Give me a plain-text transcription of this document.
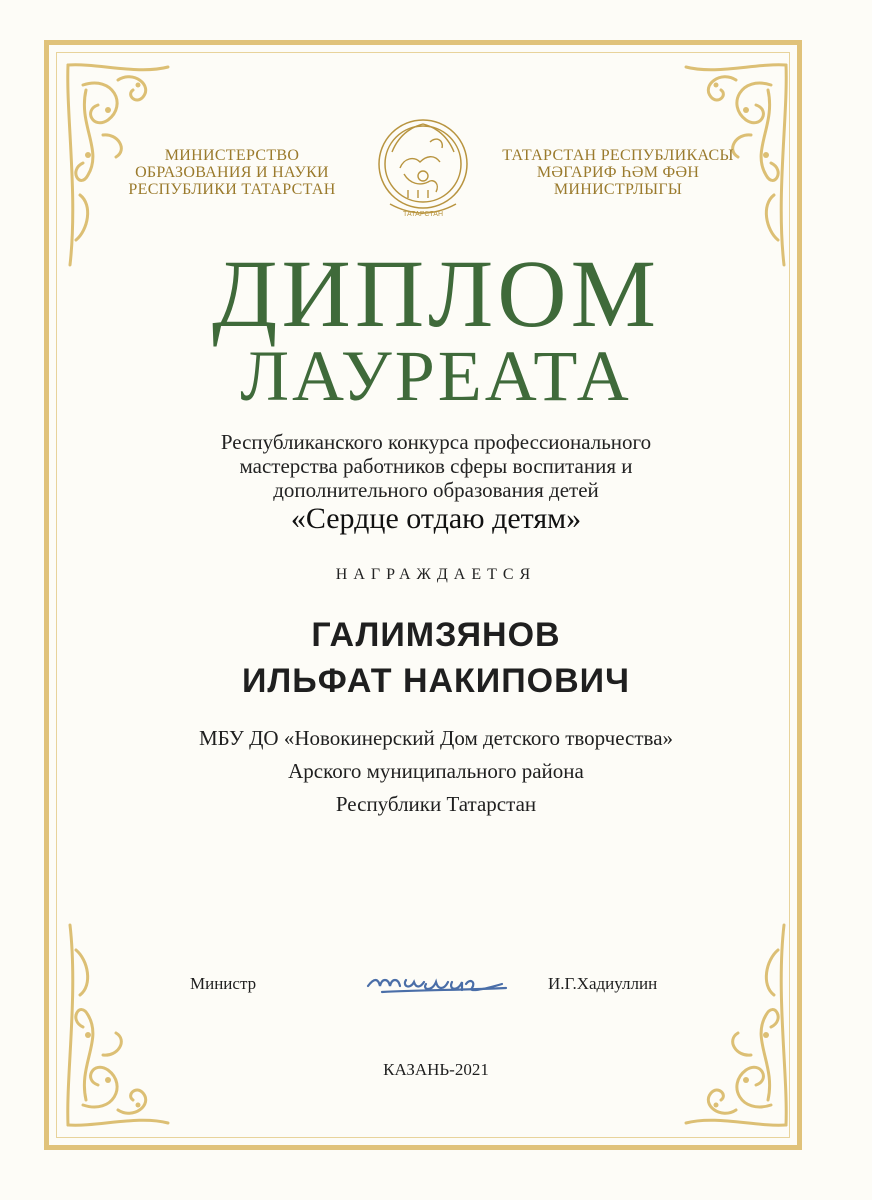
МИНИСТЕРСТВО
ОБРАЗОВАНИЯ И НАУКИ
РЕСПУБЛИКИ ТАТАРСТАН
ТАТАРСТАН
ТАТАРСТАН РЕСПУБЛИКАСЫ
МӘГАРИФ ҺӘМ ФӘН
МИНИСТРЛЫГЫ
ДИПЛОМ
ЛАУРЕАТА
Республиканского конкурса профессионального
мастерства работников сферы воспитания и
дополнительного образования детей
«Сердце отдаю детям»
НАГРАЖДАЕТСЯ
ГАЛИМЗЯНОВ
ИЛЬФАТ НАКИПОВИЧ
МБУ ДО «Новокинерский Дом детского творчества»
Арского муниципального района
Республики Татарстан
Министр	И.Г.Хадиуллин
КАЗАНЬ-2021
